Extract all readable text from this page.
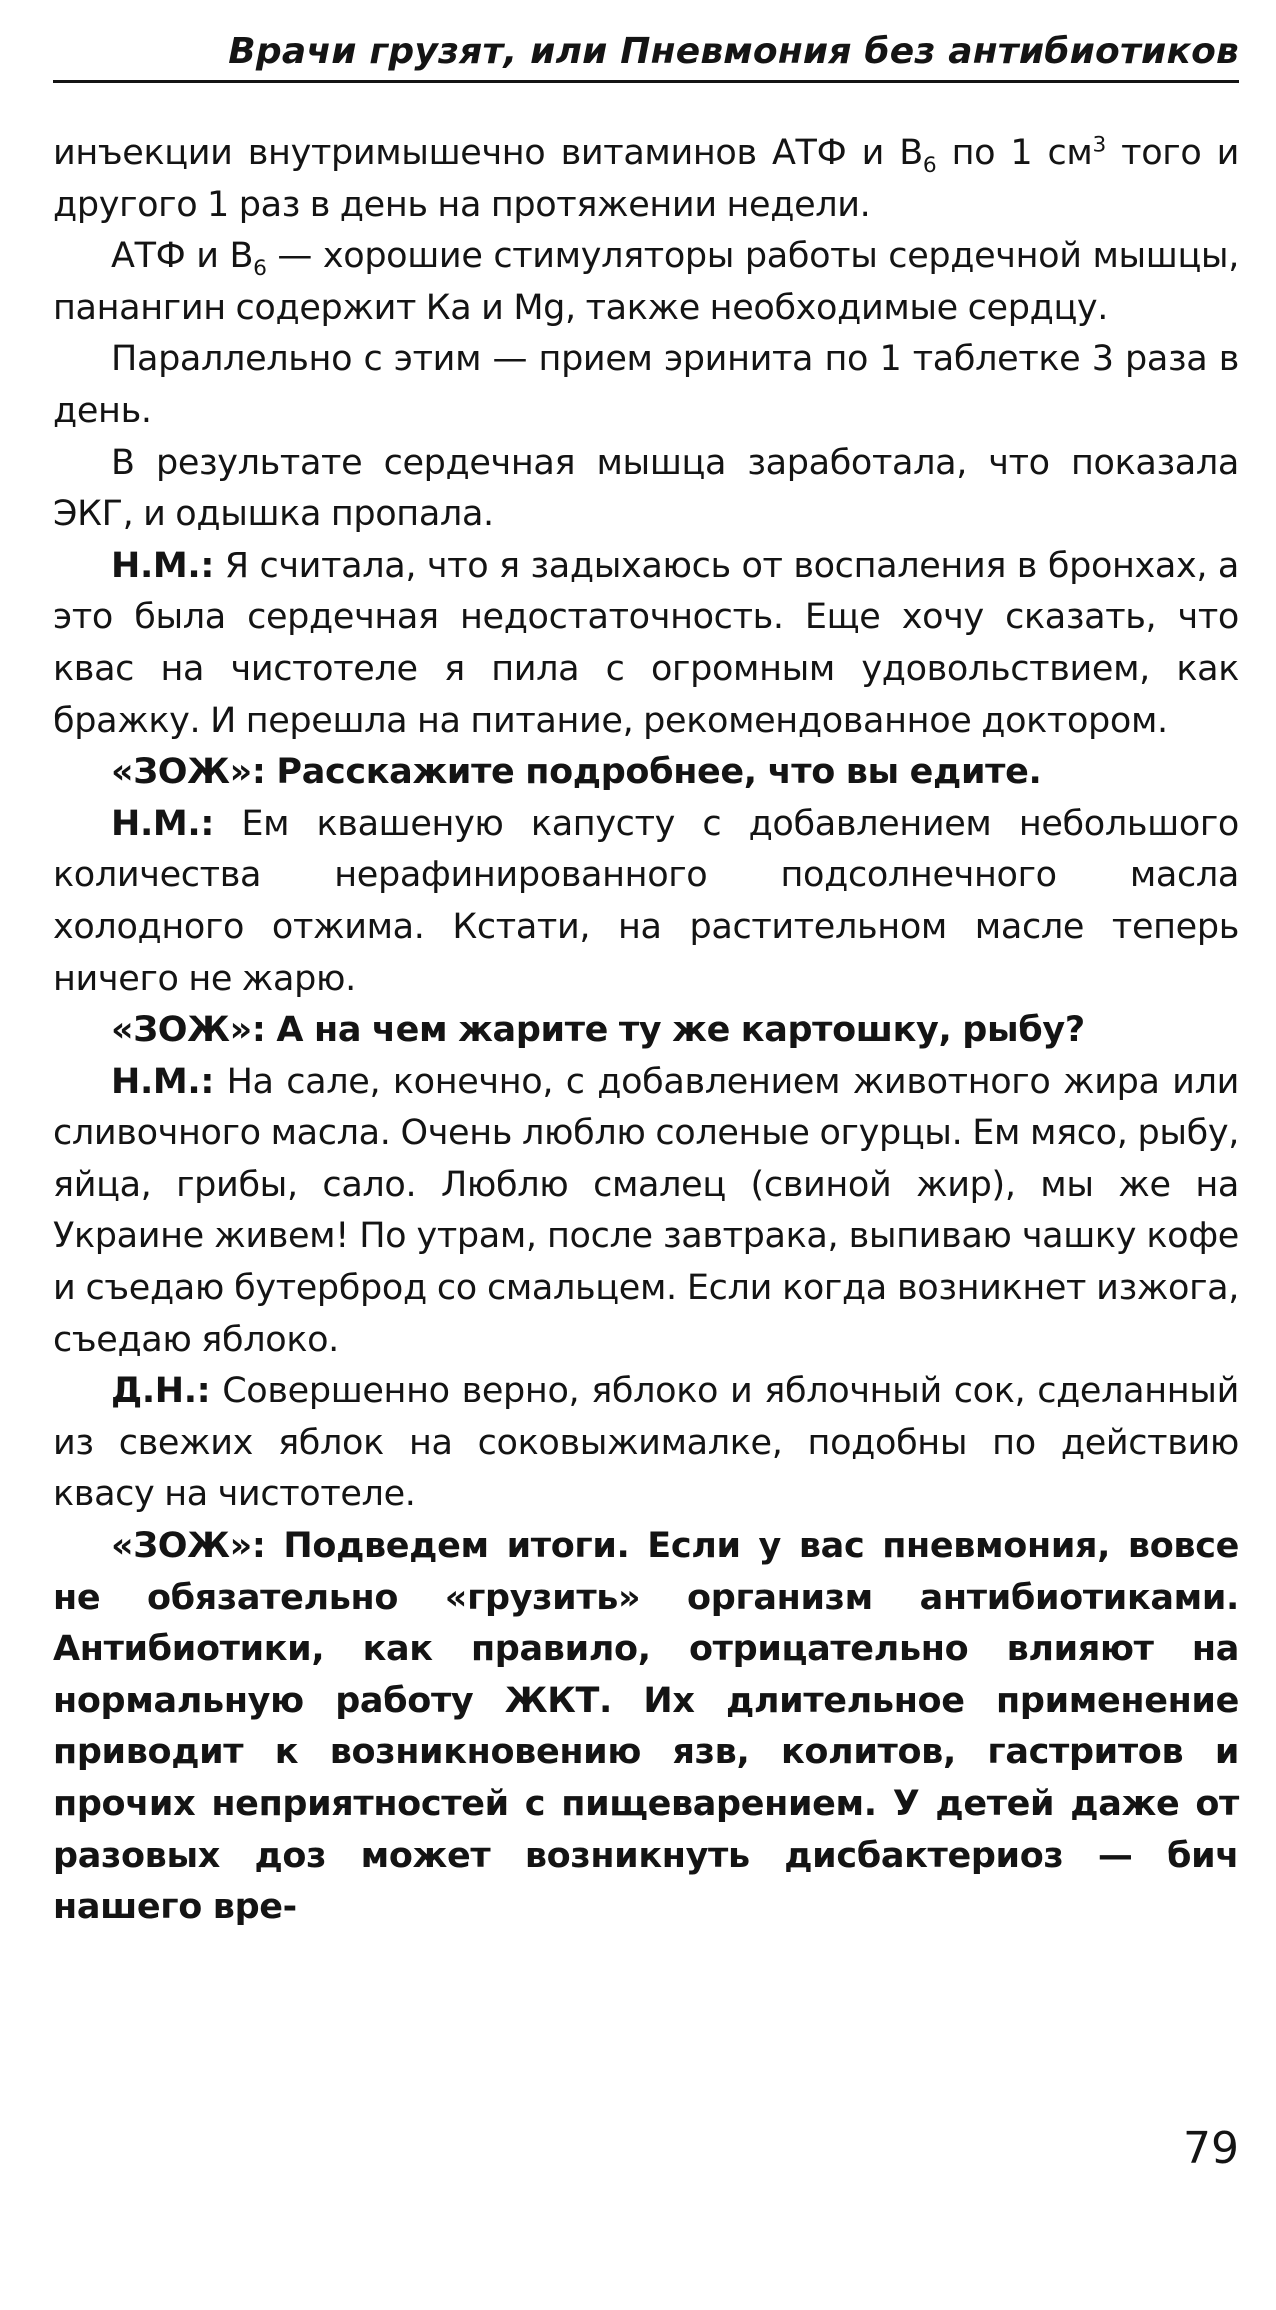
Врачи грузят, или Пневмония без антибиотиков

инъекции внутримышечно витаминов АТФ и $В_6$ по 1 $см^3$ того и другого 1 раз в день на протяжении недели.

АТФ и $В_6$ — хорошие стимуляторы работы сердечной мышцы, панангин содержит Ка и Mg, также необходимые сердцу.

Параллельно с этим — прием эринита по 1 таблетке 3 раза в день.

В результате сердечная мышца заработала, что показала ЭКГ, и одышка пропала.

Н.М.: Я считала, что я задыхаюсь от воспаления в бронхах, а это была сердечная недостаточность. Еще хочу сказать, что квас на чистотеле я пила с огромным удовольствием, как бражку. И перешла на питание, рекомендованное доктором.

«ЗОЖ»: Расскажите подробнее, что вы едите.

Н.М.: Ем квашеную капусту с добавлением небольшого количества нерафинированного подсолнечного масла холодного отжима. Кстати, на растительном масле теперь ничего не жарю.

«ЗОЖ»: А на чем жарите ту же картошку, рыбу?

Н.М.: На сале, конечно, с добавлением животного жира или сливочного масла. Очень люблю соленые огурцы. Ем мясо, рыбу, яйца, грибы, сало. Люблю смалец (свиной жир), мы же на Украине живем! По утрам, после завтрака, выпиваю чашку кофе и съедаю бутерброд со смальцем. Если когда возникнет изжога, съедаю яблоко.

Д.Н.: Совершенно верно, яблоко и яблочный сок, сделанный из свежих яблок на соковыжималке, подобны по действию квасу на чистотеле.

«ЗОЖ»: Подведем итоги. Если у вас пневмония, вовсе не обязательно «грузить» организм антибиотиками. Антибиотики, как правило, отрицательно влияют на нормальную работу ЖКТ. Их длительное применение приводит к возникновению язв, колитов, гастритов и прочих неприятностей с пищеварением. У детей даже от разовых доз может возникнуть дисбактериоз — бич нашего вре-

79
